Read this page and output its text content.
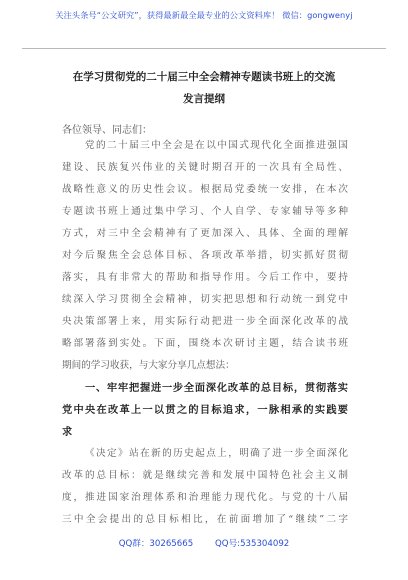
关注头条号“公文研究”，获得最新最全最专业的公文资料库！ 微信：gongwenyj
在学习贯彻党的二十届三中全会精神专题读书班上的交流
发言提纲
各位领导、同志们：
党的二十届三中全会是在以中国式现代化全面推进强国
建设、民族复兴伟业的关键时期召开的一次具有全局性、
战略性意义的历史性会议。根据局党委统一安排，在本次
专题读书班上通过集中学习、个人自学、专家辅导等多种
方式，对三中全会精神有了更加深入、具体、全面的理解
对今后聚焦全会总体目标、各项改革举措，切实抓好贯彻
落实，具有非常大的帮助和指导作用。今后工作中，要持
续深入学习贯彻全会精神，切实把思想和行动统一到党中
央决策部署上来，用实际行动把进一步全面深化改革的战
略部署落到实处。下面，围绕本次研讨主题，结合读书班
期间的学习收获，与大家分享几点想法：
一、牢牢把握进一步全面深化改革的总目标，贯彻落实
党中央在改革上一以贯之的目标追求，一脉相承的实践要
求
《决定》站在新的历史起点上，明确了进一步全面深化
改革的总目标：就是继续完善和发展中国特色社会主义制
度，推进国家治理体系和治理能力现代化。与党的十八届
三中全会提出的总目标相比，在前面增加了“继续”二字
QQ群：30265665	QQ号:535304092
